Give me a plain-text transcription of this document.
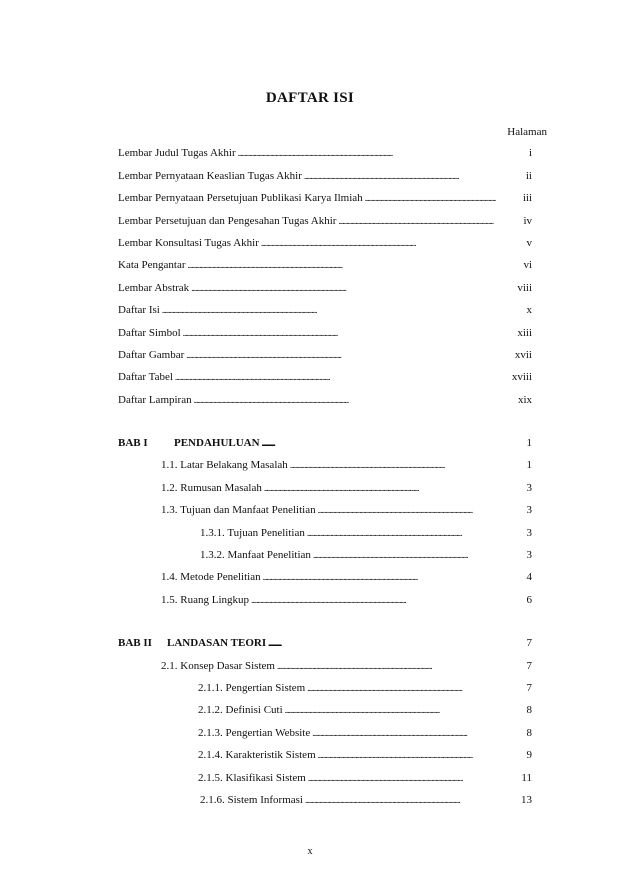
DAFTAR ISI
Halaman
Lembar Judul Tugas Akhir . . .	i
Lembar Pernyataan Keaslian Tugas Akhir . . .	ii
Lembar Pernyataan Persetujuan Publikasi Karya Ilmiah . . .	iii
Lembar Persetujuan dan Pengesahan Tugas Akhir . . .	iv
Lembar Konsultasi Tugas Akhir . . .	v
Kata Pengantar . . .	vi
Lembar Abstrak . . .	viii
Daftar Isi . . .	x
Daftar Simbol . . .	xiii
Daftar Gambar . . .	xvii
Daftar Tabel . . .	xviii
Daftar Lampiran . . .	xix
BAB I PENDAHULUAN . . .	1
1.1. Latar Belakang Masalah . . .	1
1.2. Rumusan Masalah . . .	3
1.3. Tujuan dan Manfaat Penelitian . . .	3
1.3.1. Tujuan Penelitian . . .	3
1.3.2. Manfaat Penelitian . . .	3
1.4. Metode Penelitian . . .	4
1.5. Ruang Lingkup . . .	6
BAB II LANDASAN TEORI . . .	7
2.1. Konsep Dasar Sistem . . .	7
2.1.1. Pengertian Sistem . . .	7
2.1.2. Definisi Cuti . . .	8
2.1.3. Pengertian Website . . .	8
2.1.4. Karakteristik Sistem . . .	9
2.1.5. Klasifikasi Sistem . . .	11
2.1.6. Sistem Informasi . . .	13
x
